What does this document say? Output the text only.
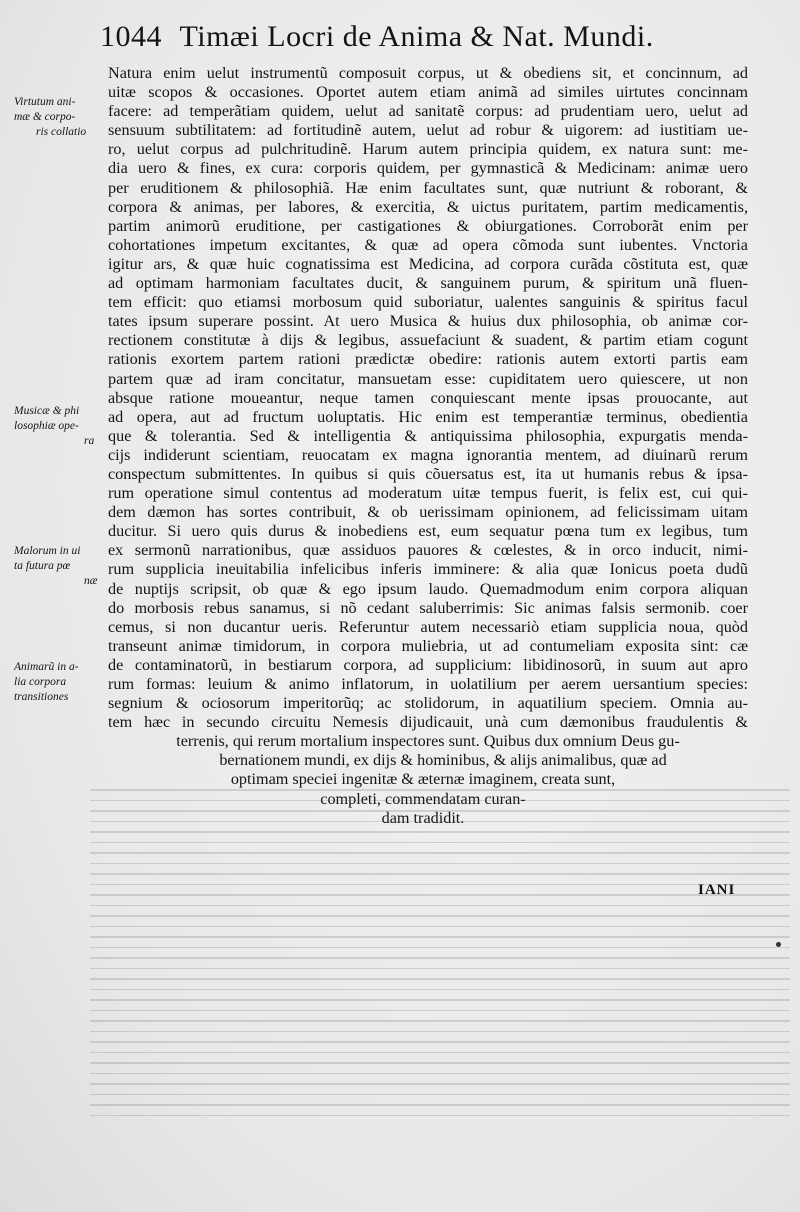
1044 Timæi Locri de Anima & Nat. Mundi.
Virtutum ani-
mæ & corpo-
ris collatio
Musicæ & phi
losophiæ ope-
ra
Malorum in ui
ta futura pœ
næ
Animarũ in a-
lia corpora
transitiones
Natura enim uelut instrumentũ composuit corpus, ut & obediens sit, et concinnum, ad
uitæ scopos & occasiones. Oportet autem etiam animã ad similes uirtutes concinnam
facere: ad temperãtiam quidem, uelut ad sanitatẽ corpus: ad prudentiam uero, uelut ad
sensuum subtilitatem: ad fortitudinẽ autem, uelut ad robur & uigorem: ad iustitiam ue-
ro, uelut corpus ad pulchritudinẽ. Harum autem principia quidem, ex natura sunt: me-
dia uero & fines, ex cura: corporis quidem, per gymnasticã & Medicinam: animæ uero
per eruditionem & philosophiã. Hæ enim facultates sunt, quæ nutriunt & roborant, &
corpora & animas, per labores, & exercitia, & uictus puritatem, partim medicamentis,
partim animorũ eruditione, per castigationes & obiurgationes. Corroborãt enim per
cohortationes impetum excitantes, & quæ ad opera cõmoda sunt iubentes. Vnctoria
igitur ars, & quæ huic cognatissima est Medicina, ad corpora curãda cõstituta est, quæ
ad optimam harmoniam facultates ducit, & sanguinem purum, & spiritum unã fluen-
tem efficit: quo etiamsi morbosum quid suboriatur, ualentes sanguinis & spiritus facul
tates ipsum superare possint. At uero Musica & huius dux philosophia, ob animæ cor-
rectionem constitutæ à dijs & legibus, assuefaciunt & suadent, & partim etiam cogunt
rationis exortem partem rationi prædictæ obedire: rationis autem extorti partis eam
partem quæ ad iram concitatur, mansuetam esse: cupiditatem uero quiescere, ut non
absque ratione moueantur, neque tamen conquiescant mente ipsas prouocante, aut
ad opera, aut ad fructum uoluptatis. Hic enim est temperantiæ terminus, obedientia
que & tolerantia. Sed & intelligentia & antiquissima philosophia, expurgatis menda-
cijs indiderunt scientiam, reuocatam ex magna ignorantia mentem, ad diuinarũ rerum
conspectum submittentes. In quibus si quis cõuersatus est, ita ut humanis rebus & ipsa-
rum operatione simul contentus ad moderatum uitæ tempus fuerit, is felix est, cui qui-
dem dæmon has sortes contribuit, & ob uerissimam opinionem, ad felicissimam uitam
ducitur. Si uero quis durus & inobediens est, eum sequatur pœna tum ex legibus, tum
ex sermonũ narrationibus, quæ assiduos pauores & cœlestes, & in orco inducit, nimi-
rum supplicia ineuitabilia infelicibus inferis imminere: & alia quæ Ionicus poeta dudũ
de nuptijs scripsit, ob quæ & ego ipsum laudo. Quemadmodum enim corpora aliquan
do morbosis rebus sanamus, si nõ cedant saluberrimis: Sic animas falsis sermonib. coer
cemus, si non ducantur ueris. Referuntur autem necessariò etiam supplicia noua, quòd
transeunt animæ timidorum, in corpora muliebria, ut ad contumeliam exposita sint: cæ
de contaminatorũ, in bestiarum corpora, ad supplicium: libidinosorũ, in suum aut apro
rum formas: leuium & animo inflatorum, in uolatilium per aerem uersantium species:
segnium & ociosorum imperitorũq; ac stolidorum, in aquatilium speciem. Omnia au-
tem hæc in secundo circuitu Nemesis dijudicauit, unà cum dæmonibus fraudulentis &
terrenis, qui rerum mortalium inspectores sunt. Quibus dux omnium Deus gu-
bernationem mundi, ex dijs & hominibus, & alijs animalibus, quæ ad
optimam speciei ingenitæ & æternæ imaginem, creata sunt,
completi, commendatam curan-
dam tradidit.
IANI
